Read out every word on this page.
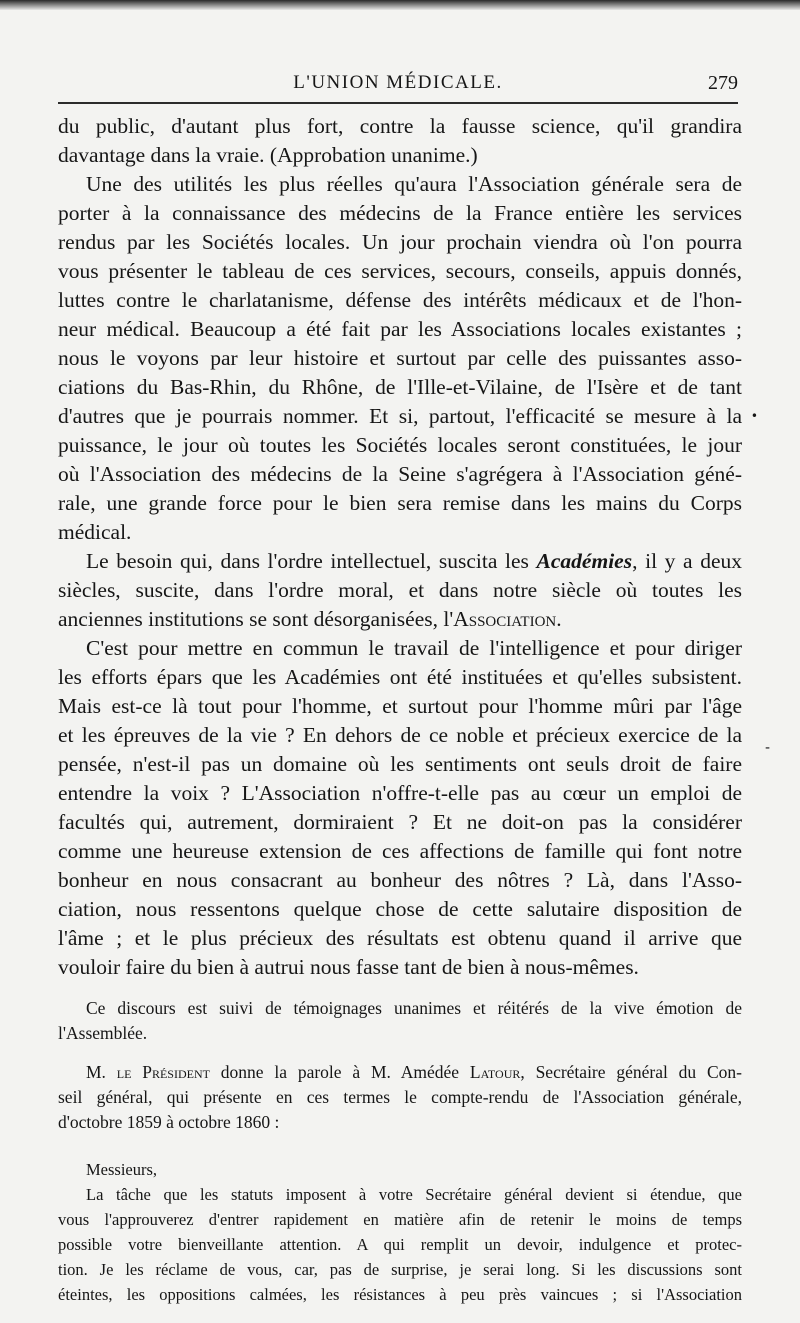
L'UNION MÉDICALE.	279
du public, d'autant plus fort, contre la fausse science, qu'il grandira
davantage dans la vraie. (Approbation unanime.)
Une des utilités les plus réelles qu'aura l'Association générale sera de
porter à la connaissance des médecins de la France entière les services
rendus par les Sociétés locales. Un jour prochain viendra où l'on pourra
vous présenter le tableau de ces services, secours, conseils, appuis donnés,
luttes contre le charlatanisme, défense des intérêts médicaux et de l'hon-
neur médical. Beaucoup a été fait par les Associations locales existantes ;
nous le voyons par leur histoire et surtout par celle des puissantes asso-
ciations du Bas-Rhin, du Rhône, de l'Ille-et-Vilaine, de l'Isère et de tant
d'autres que je pourrais nommer. Et si, partout, l'efficacité se mesure à la
puissance, le jour où toutes les Sociétés locales seront constituées, le jour
où l'Association des médecins de la Seine s'agrégera à l'Association géné-
rale, une grande force pour le bien sera remise dans les mains du Corps
médical.
Le besoin qui, dans l'ordre intellectuel, suscita les Académies, il y a deux
siècles, suscite, dans l'ordre moral, et dans notre siècle où toutes les
anciennes institutions se sont désorganisées, l'Association.
C'est pour mettre en commun le travail de l'intelligence et pour diriger
les efforts épars que les Académies ont été instituées et qu'elles subsistent.
Mais est-ce là tout pour l'homme, et surtout pour l'homme mûri par l'âge
et les épreuves de la vie ? En dehors de ce noble et précieux exercice de la
pensée, n'est-il pas un domaine où les sentiments ont seuls droit de faire
entendre la voix ? L'Association n'offre-t-elle pas au cœur un emploi de
facultés qui, autrement, dormiraient ? Et ne doit-on pas la considérer
comme une heureuse extension de ces affections de famille qui font notre
bonheur en nous consacrant au bonheur des nôtres ? Là, dans l'Asso-
ciation, nous ressentons quelque chose de cette salutaire disposition de
l'âme ; et le plus précieux des résultats est obtenu quand il arrive que
vouloir faire du bien à autrui nous fasse tant de bien à nous-mêmes.
Ce discours est suivi de témoignages unanimes et réitérés de la vive émotion de
l'Assemblée.
M. le Président donne la parole à M. Amédée Latour, Secrétaire général du Con-
seil général, qui présente en ces termes le compte-rendu de l'Association générale,
d'octobre 1859 à octobre 1860 :
Messieurs,
La tâche que les statuts imposent à votre Secrétaire général devient si étendue, que
vous l'approuverez d'entrer rapidement en matière afin de retenir le moins de temps
possible votre bienveillante attention. A qui remplit un devoir, indulgence et protec-
tion. Je les réclame de vous, car, pas de surprise, je serai long. Si les discussions sont
éteintes, les oppositions calmées, les résistances à peu près vaincues ; si l'Association
•
-
